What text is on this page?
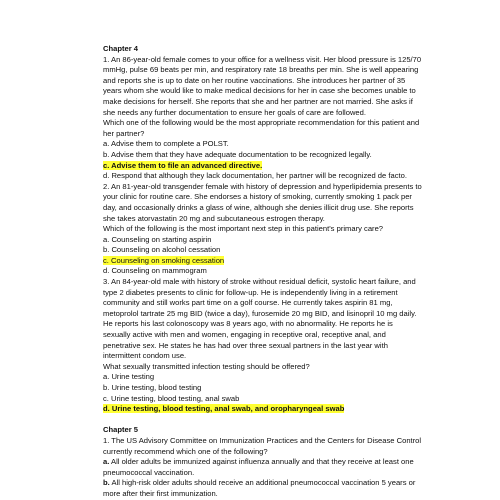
Chapter 4

1. An 86-year-old female comes to your office for a wellness visit. Her blood pressure is 125/70 mmHg, pulse 69 beats per min, and respiratory rate 18 breaths per min. She is well appearing and reports she is up to date on her routine vaccinations. She introduces her partner of 35 years whom she would like to make medical decisions for her in case she becomes unable to make decisions for herself. She reports that she and her partner are not married. She asks if she needs any further documentation to ensure her goals of care are followed.

Which one of the following would be the most appropriate recommendation for this patient and her partner?

a. Advise them to complete a POLST.

b. Advise them that they have adequate documentation to be recognized legally.

c. Advise them to file an advanced directive.

d. Respond that although they lack documentation, her partner will be recognized de facto.

2. An 81-year-old transgender female with history of depression and hyperlipidemia presents to your clinic for routine care. She endorses a history of smoking, currently smoking 1 pack per day, and occasionally drinks a glass of wine, although she denies illicit drug use. She reports she takes atorvastatin 20 mg and subcutaneous estrogen therapy.

Which of the following is the most important next step in this patient's primary care?

a. Counseling on starting aspirin

b. Counseling on alcohol cessation

c. Counseling on smoking cessation

d. Counseling on mammogram

3. An 84-year-old male with history of stroke without residual deficit, systolic heart failure, and type 2 diabetes presents to clinic for follow-up. He is independently living in a retirement community and still works part time on a golf course. He currently takes aspirin 81 mg, metoprolol tartrate 25 mg BID (twice a day), furosemide 20 mg BID, and lisinopril 10 mg daily. He reports his last colonoscopy was 8 years ago, with no abnormality. He reports he is sexually active with men and women, engaging in receptive oral, receptive anal, and penetrative sex. He states he has had over three sexual partners in the last year with intermittent condom use.

What sexually transmitted infection testing should be offered?

a. Urine testing

b. Urine testing, blood testing

c. Urine testing, blood testing, anal swab

d. Urine testing, blood testing, anal swab, and oropharyngeal swab

Chapter 5

1. The US Advisory Committee on Immunization Practices and the Centers for Disease Control currently recommend which one of the following?

a. All older adults be immunized against influenza annually and that they receive at least one pneumococcal vaccination.

b. All high-risk older adults should receive an additional pneumococcal vaccination 5 years or more after their first immunization.
